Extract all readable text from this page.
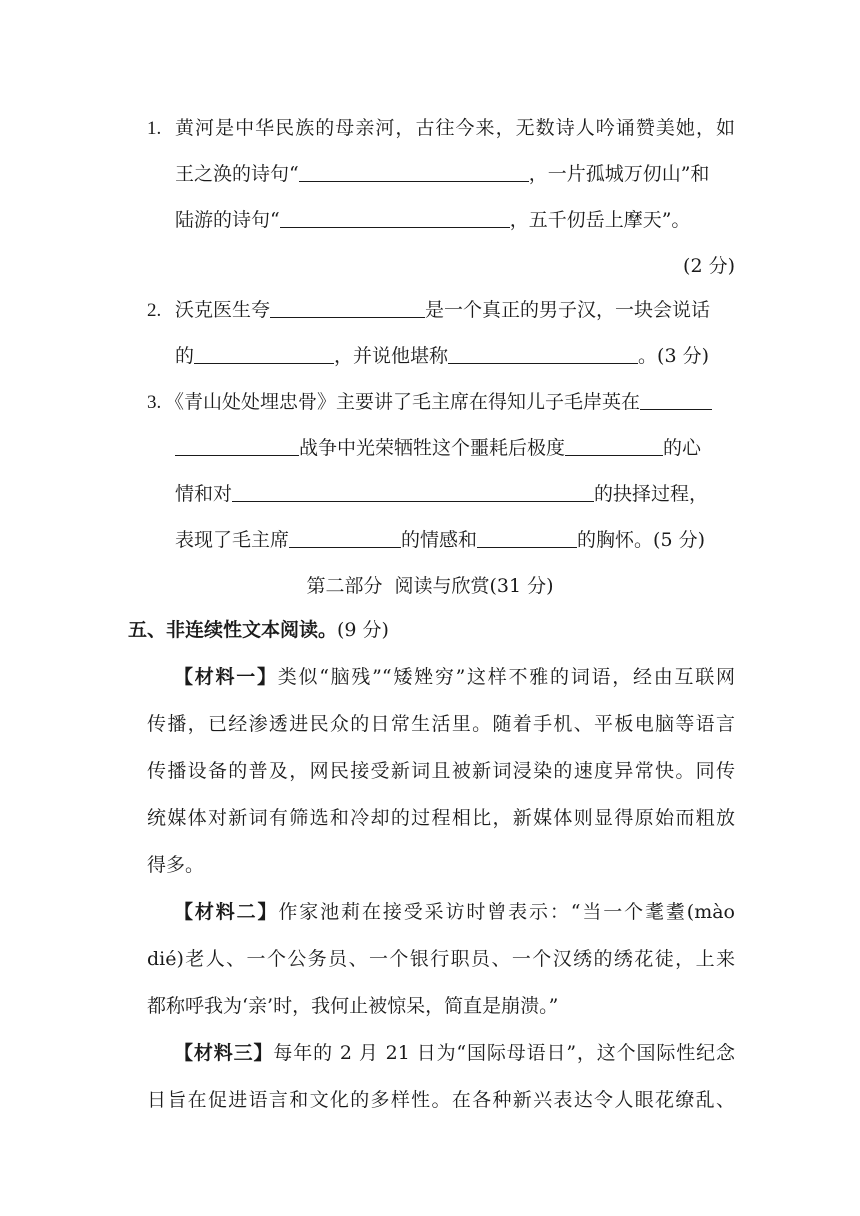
1. 黄河是中华民族的母亲河，古往今来，无数诗人吟诵赞美她，如
王之涣的诗句“	，一片孤城万仞山”和
陆游的诗句“	，五千仞岳上摩天”。
(2 分)
2. 沃克医生夸	是一个真正的男子汉，一块会说话
的	，并说他堪称	。(3 分)
3. 《青山处处埋忠骨》主要讲了毛主席在得知儿子毛岸英在
战争中光荣牺牲这个噩耗后极度	的心
情和对	的抉择过程，
表现了毛主席	的情感和	的胸怀。(5 分)
第二部分  阅读与欣赏(31 分)
五、非连续性文本阅读。(9 分)
【材料一】类似“脑残”“矮矬穷”这样不雅的词语，经由互联网
传播，已经渗透进民众的日常生活里。随着手机、平板电脑等语言
传播设备的普及，网民接受新词且被新词浸染的速度异常快。同传
统媒体对新词有筛选和冷却的过程相比，新媒体则显得原始而粗放
得多。
【材料二】作家池莉在接受采访时曾表示：“当一个耄耋(mào
dié)老人、一个公务员、一个银行职员、一个汉绣的绣花徒，上来
都称呼我为‘亲’时，我何止被惊呆，简直是崩溃。”
【材料三】每年的 2 月 21 日为“国际母语日”，这个国际性纪念
日旨在促进语言和文化的多样性。在各种新兴表达令人眼花缭乱、
